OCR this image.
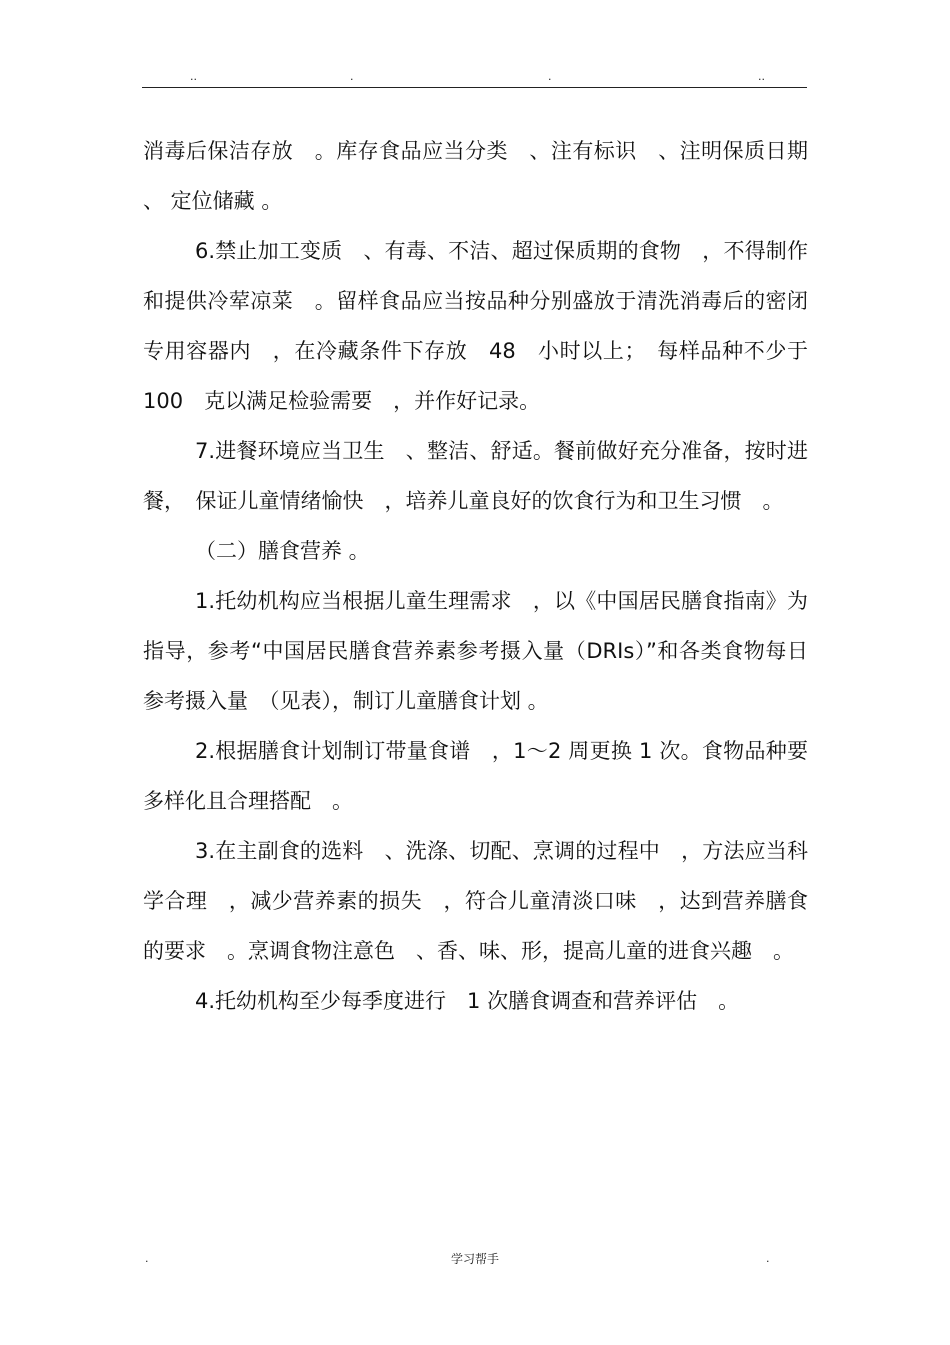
..	.	.	..

消毒后保洁存放　。库存食品应当分类　、注有标识　、注明保质日期 、 定位储藏 。

6.禁止加工变质　、有毒、不洁、超过保质期的食物　，不得制作和提供冷荤凉菜　。留样食品应当按品种分别盛放于清洗消毒后的密闭专用容器内　，在冷藏条件下存放　48　小时以上；　每样品种不少于　100　克以满足检验需要　，并作好记录。

7.进餐环境应当卫生　、整洁、舒适。餐前做好充分准备，按时进餐，　保证儿童情绪愉快　，培养儿童良好的饮食行为和卫生习惯　。

（二）膳食营养 。

1.托幼机构应当根据儿童生理需求　，以《中国居民膳食指南》为指导，参考“中国居民膳食营养素参考摄入量（DRIs）”和各类食物每日参考摄入量　（见表），制订儿童膳食计划 。

2.根据膳食计划制订带量食谱　，1～2 周更换 1 次。食物品种要多样化且合理搭配　。

3.在主副食的选料　、洗涤、切配、烹调的过程中　，方法应当科学合理　，减少营养素的损失　，符合儿童清淡口味　，达到营养膳食的要求　。烹调食物注意色　、香、味、形，提高儿童的进食兴趣　。

4.托幼机构至少每季度进行　1 次膳食调查和营养评估　。

.	学习帮手	.
